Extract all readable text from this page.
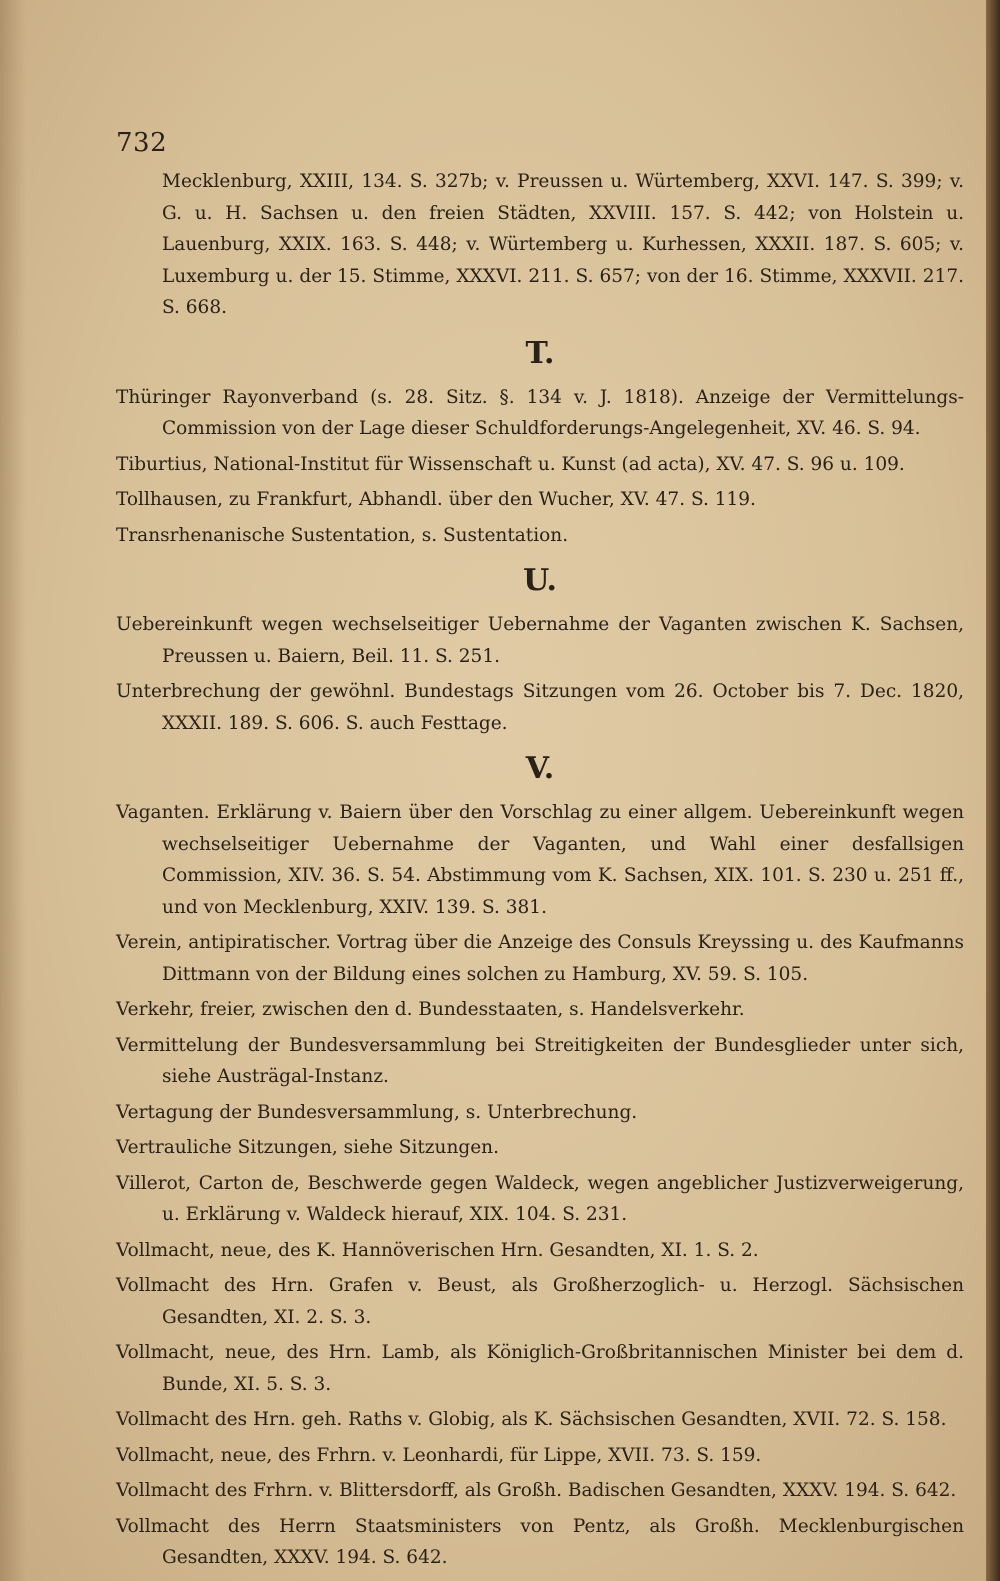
732

Mecklenburg, XXIII, 134. S. 327b; v. Preussen u. Würtemberg, XXVI. 147. S. 399; v. G. u. H. Sachsen u. den freien Städten, XXVIII. 157. S. 442; von Holstein u. Lauenburg, XXIX. 163. S. 448; v. Würtemberg u. Kurhessen, XXXII. 187. S. 605; v. Luxemburg u. der 15. Stimme, XXXVI. 211. S. 657; von der 16. Stimme, XXXVII. 217. S. 668.

T.

Thüringer Rayonverband (s. 28. Sitz. §. 134 v. J. 1818). Anzeige der Vermittelungs-Commission von der Lage dieser Schuldforderungs-Angelegenheit, XV. 46. S. 94.

Tiburtius, National-Institut für Wissenschaft u. Kunst (ad acta), XV. 47. S. 96 u. 109.

Tollhausen, zu Frankfurt, Abhandl. über den Wucher, XV. 47. S. 119.

Transrhenanische Sustentation, s. Sustentation.

U.

Uebereinkunft wegen wechselseitiger Uebernahme der Vaganten zwischen K. Sachsen, Preussen u. Baiern, Beil. 11. S. 251.

Unterbrechung der gewöhnl. Bundestags Sitzungen vom 26. October bis 7. Dec. 1820, XXXII. 189. S. 606. S. auch Festtage.

V.

Vaganten. Erklärung v. Baiern über den Vorschlag zu einer allgem. Uebereinkunft wegen wechselseitiger Uebernahme der Vaganten, und Wahl einer desfallsigen Commission, XIV. 36. S. 54. Abstimmung vom K. Sachsen, XIX. 101. S. 230 u. 251 ff., und von Mecklenburg, XXIV. 139. S. 381.

Verein, antipiratischer. Vortrag über die Anzeige des Consuls Kreyssing u. des Kaufmanns Dittmann von der Bildung eines solchen zu Hamburg, XV. 59. S. 105.

Verkehr, freier, zwischen den d. Bundesstaaten, s. Handelsverkehr.

Vermittelung der Bundesversammlung bei Streitigkeiten der Bundesglieder unter sich, siehe Austrägal-Instanz.

Vertagung der Bundesversammlung, s. Unterbrechung.

Vertrauliche Sitzungen, siehe Sitzungen.

Villerot, Carton de, Beschwerde gegen Waldeck, wegen angeblicher Justizverweigerung, u. Erklärung v. Waldeck hierauf, XIX. 104. S. 231.

Vollmacht, neue, des K. Hannöverischen Hrn. Gesandten, XI. 1. S. 2.

Vollmacht des Hrn. Grafen v. Beust, als Großherzoglich- u. Herzogl. Sächsischen Gesandten, XI. 2. S. 3.

Vollmacht, neue, des Hrn. Lamb, als Königlich-Großbritannischen Minister bei dem d. Bunde, XI. 5. S. 3.

Vollmacht des Hrn. geh. Raths v. Globig, als K. Sächsischen Gesandten, XVII. 72. S. 158.

Vollmacht, neue, des Frhrn. v. Leonhardi, für Lippe, XVII. 73. S. 159.

Vollmacht des Frhrn. v. Blittersdorff, als Großh. Badischen Gesandten, XXXV. 194. S. 642.

Vollmacht des Herrn Staatsministers von Pentz, als Großh. Mecklenburgischen Gesandten, XXXV. 194. S. 642.
